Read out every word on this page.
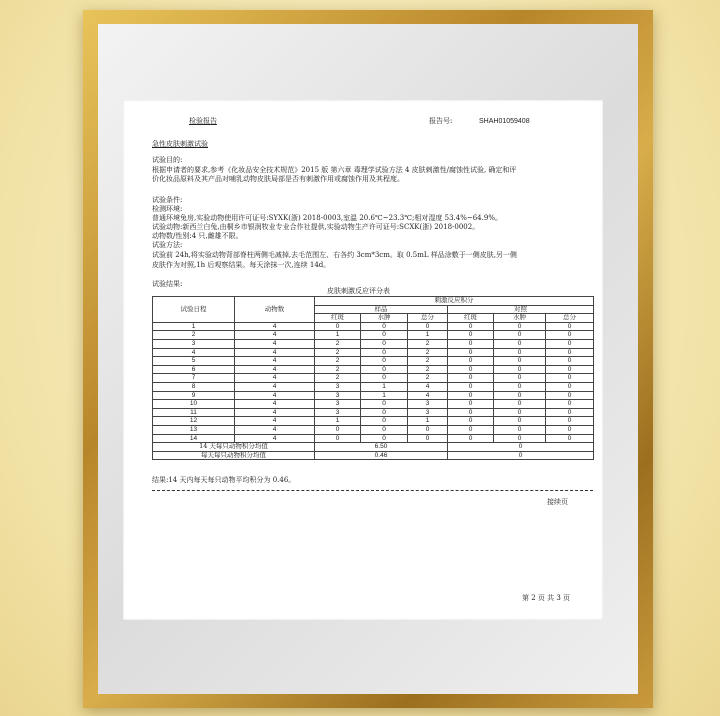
检验报告	报告号:	SHAH01059408
急性皮肤刺激试验
试验目的:
根据申请者的要求,参考《化妆品安全技术规范》2015 版 第六章 毒理学试验方法 4 皮肤刺激性/腐蚀性试验, 确定和评
价化妆品原料及其产品对哺乳动物皮肤局部是否有刺激作用或腐蚀作用及其程度。
试验条件:
检测环境:
普通环境兔房,实验动物使用许可证号:SYXK(浙) 2018-0003,室温 20.6℃~23.3℃;相对湿度 53.4%~64.9%。
试验动物:新西兰白兔,由桐乡市银润牧业专业合作社提供,实验动物生产许可证号:SCXK(浙) 2018-0002。
动物数/性别:4 只,雌雄不限。
试验方法:
试验前 24h,将实验动物背部脊柱两侧毛减掉,去毛范围左、右各约 3cm*3cm。取 0.5mL 样品涂敷于一侧皮肤,另一侧
皮肤作为对照,1h 后观察结果。每天涂抹一次,连续 14d。
试验结果:
皮肤刺激反应评分表
试验日程	动物数	刺激反应积分					
		样品			对照		
		红斑	水肿	总分	红斑	水肿	总分
1	4	0	0	0	0	0	0
2	4	1	0	1	0	0	0
3	4	2	0	2	0	0	0
4	4	2	0	2	0	0	0
5	4	2	0	2	0	0	0
6	4	2	0	2	0	0	0
7	4	2	0	2	0	0	0
8	4	3	1	4	0	0	0
9	4	3	1	4	0	0	0
10	4	3	0	3	0	0	0
11	4	3	0	3	0	0	0
12	4	1	0	1	0	0	0
13	4	0	0	0	0	0	0
14	4	0	0	0	0	0	0
14 天每只动物积分均值		6.50			0		
每天每只动物积分均值		0.46			0		
结果:14 天内每天每只动物平均积分为 0.46。
接续页
第 2 页 共 3 页
